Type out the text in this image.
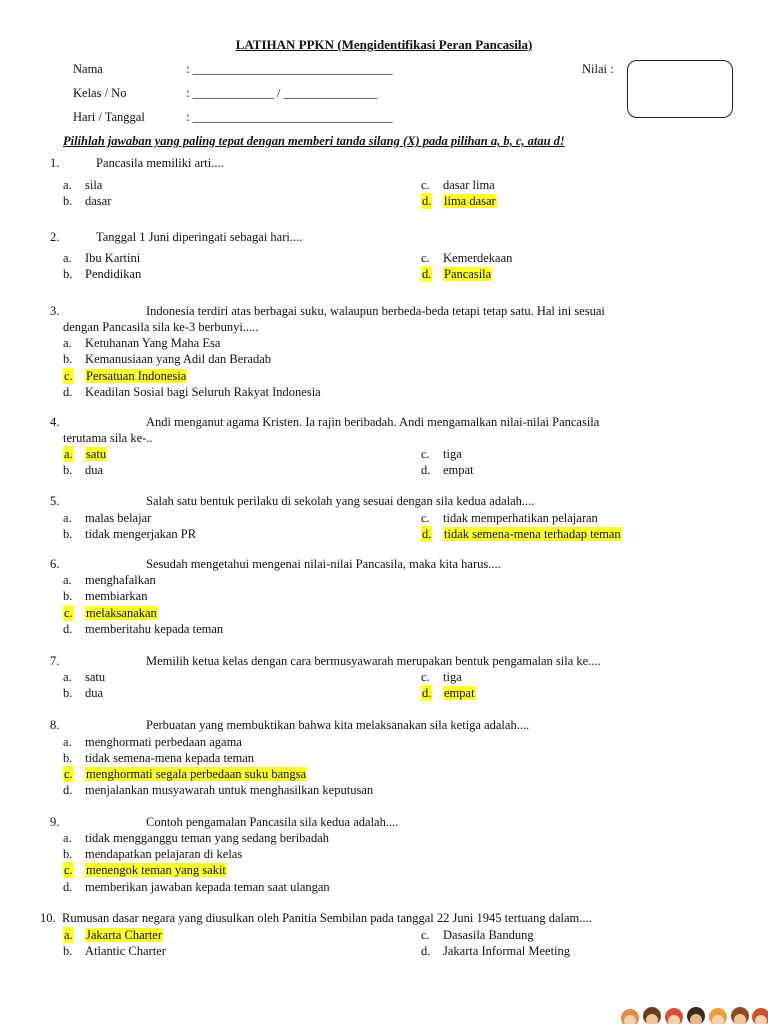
LATIHAN PPKN (Mengidentifikasi Peran Pancasila)
Nama	: ________________________________
Kelas / No	: _____________ / _______________
Hari / Tanggal	: ________________________________
Nilai :
Pilihlah jawaban yang paling tepat dengan memberi tanda silang (X) pada pilihan a, b, c, atau d!
1.	Pancasila memiliki arti....
a. sila
b. dasar
c. dasar lima
d. lima dasar
2.	Tanggal 1 Juni diperingati sebagai hari....
a. Ibu Kartini
b. Pendidikan
c. Kemerdekaan
d. Pancasila
3.	Indonesia terdiri atas berbagai suku, walaupun berbeda-beda tetapi tetap satu. Hal ini sesuai
dengan Pancasila sila ke-3 berbunyi.....
a. Ketuhanan Yang Maha Esa
b. Kemanusiaan yang Adil dan Beradab
c. Persatuan Indonesia
d. Keadilan Sosial bagi Seluruh Rakyat Indonesia
4.	Andi menganut agama Kristen. Ia rajin beribadah. Andi mengamalkan nilai-nilai Pancasila
terutama sila ke-..
a. satu
b. dua
c. tiga
d. empat
5.	Salah satu bentuk perilaku di sekolah yang sesuai dengan sila kedua adalah....
a. malas belajar
b. tidak mengerjakan PR
c. tidak memperhatikan pelajaran
d. tidak semena-mena terhadap teman
6.	Sesudah mengetahui mengenai nilai-nilai Pancasila, maka kita harus....
a. menghafalkan
b. membiarkan
c. melaksanakan
d. memberitahu kepada teman
7.	Memilih ketua kelas dengan cara bermusyawarah merupakan bentuk pengamalan sila ke....
a. satu
b. dua
c. tiga
d. empat
8.	Perbuatan yang membuktikan bahwa kita melaksanakan sila ketiga adalah....
a. menghormati perbedaan agama
b. tidak semena-mena kepada teman
c. menghormati segala perbedaan suku bangsa
d. menjalankan musyawarah untuk menghasilkan keputusan
9.	Contoh pengamalan Pancasila sila kedua adalah....
a. tidak mengganggu teman yang sedang beribadah
b. mendapatkan pelajaran di kelas
c. menengok teman yang sakit
d. memberikan jawaban kepada teman saat ulangan
10. Rumusan dasar negara yang diusulkan oleh Panitia Sembilan pada tanggal 22 Juni 1945 tertuang dalam....
a. Jakarta Charter
b. Atlantic Charter
c. Dasasila Bandung
d. Jakarta Informal Meeting
